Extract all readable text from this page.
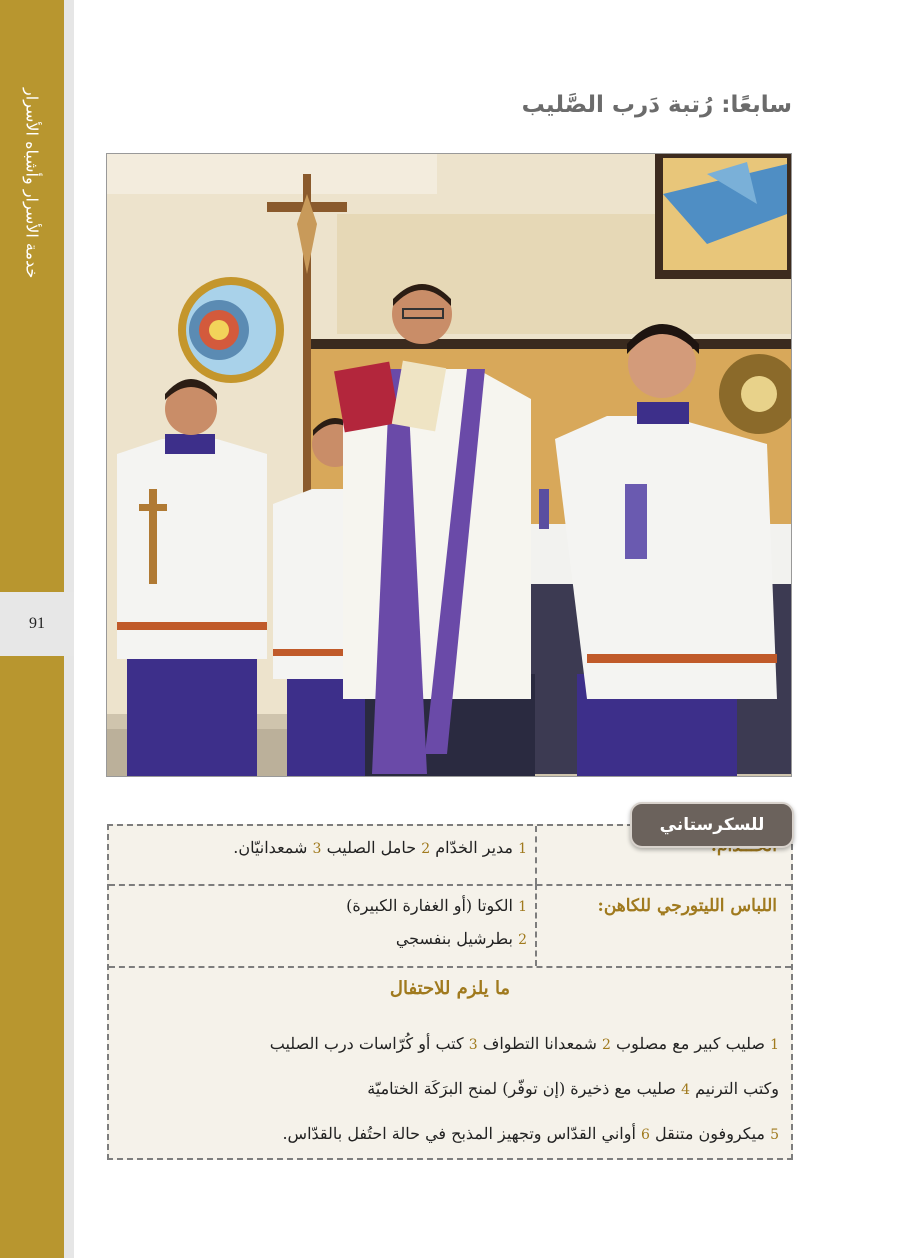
خدمة الأسرار وأشباه الأسرار
91
سابعًا: رُتبة دَرب الصَّليب
1 مدير الخدّام 2 حامل الصليب 3 شمعدانيّان.
اللباس الليتورجي للكاهن:
1 الكوتا (أو الغفارة الكبيرة)
2 بطرشيل بنفسجي
ما يلزم للاحتفال
1 صليب كبير مع مصلوب 2 شمعدانا التطواف 3 كتب أو كُرّاسات درب الصليب
وكتب الترنيم 4 صليب مع ذخيرة (إن توفّر) لمنح البرَكَة الختاميّة
5 ميكروفون متنقل 6 أواني القدّاس وتجهيز المذبح في حالة احتُفل بالقدّاس.
للسكرستاني
